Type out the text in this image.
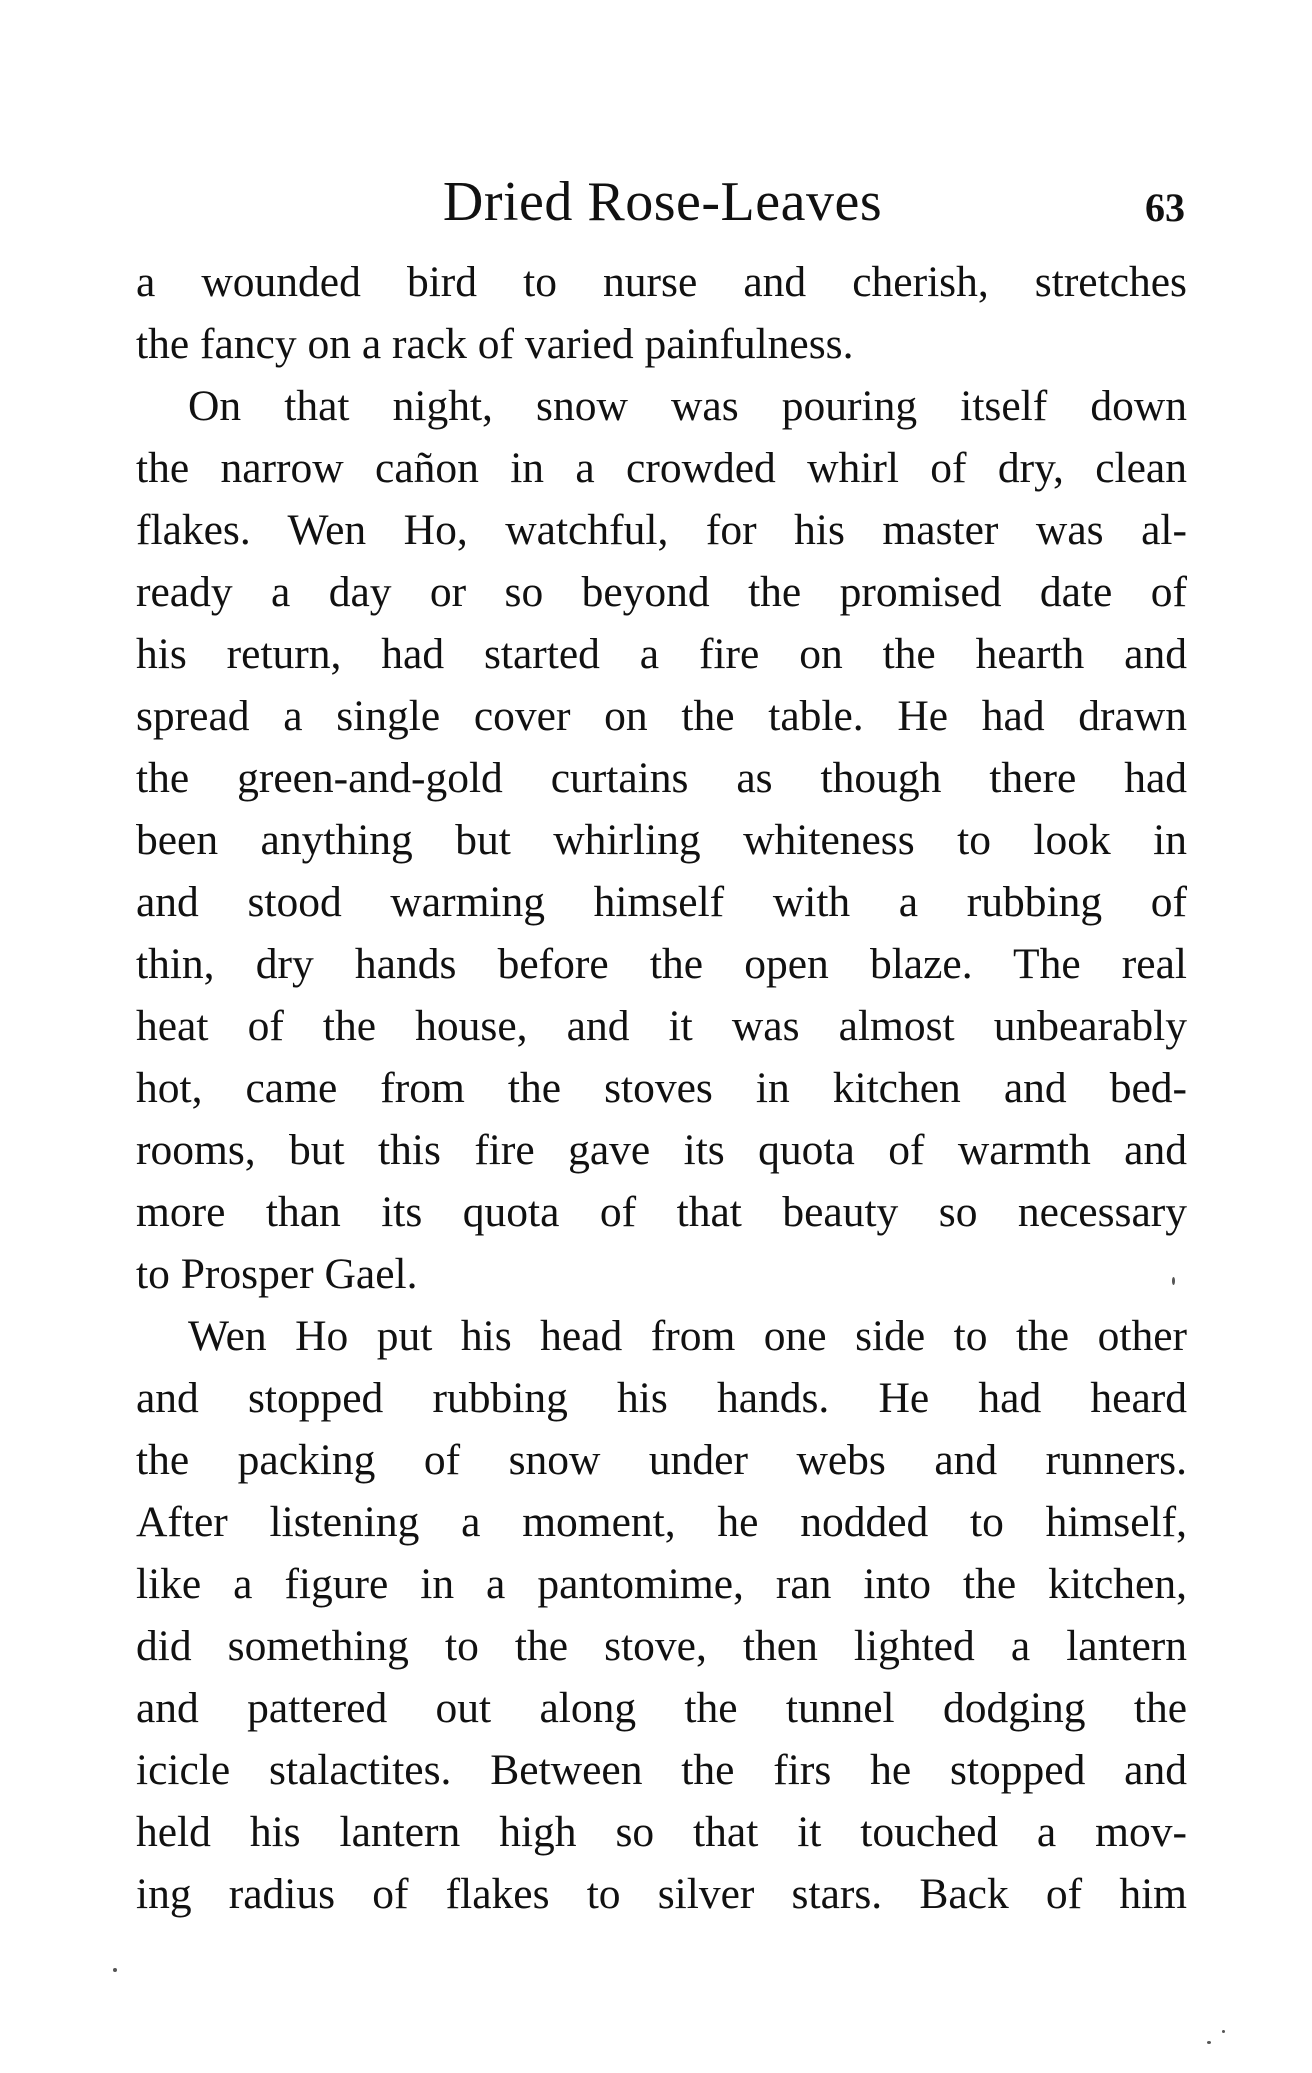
Dried Rose-Leaves	63
a wounded bird to nurse and cherish, stretches
the fancy on a rack of varied painfulness.
On that night, snow was pouring itself down
the narrow cañon in a crowded whirl of dry, clean
flakes. Wen Ho, watchful, for his master was al-
ready a day or so beyond the promised date of
his return, had started a fire on the hearth and
spread a single cover on the table. He had drawn
the green-and-gold curtains as though there had
been anything but whirling whiteness to look in
and stood warming himself with a rubbing of
thin, dry hands before the open blaze. The real
heat of the house, and it was almost unbearably
hot, came from the stoves in kitchen and bed-
rooms, but this fire gave its quota of warmth and
more than its quota of that beauty so necessary
to Prosper Gael.
Wen Ho put his head from one side to the other
and stopped rubbing his hands. He had heard
the packing of snow under webs and runners.
After listening a moment, he nodded to himself,
like a figure in a pantomime, ran into the kitchen,
did something to the stove, then lighted a lantern
and pattered out along the tunnel dodging the
icicle stalactites. Between the firs he stopped and
held his lantern high so that it touched a mov-
ing radius of flakes to silver stars. Back of him
